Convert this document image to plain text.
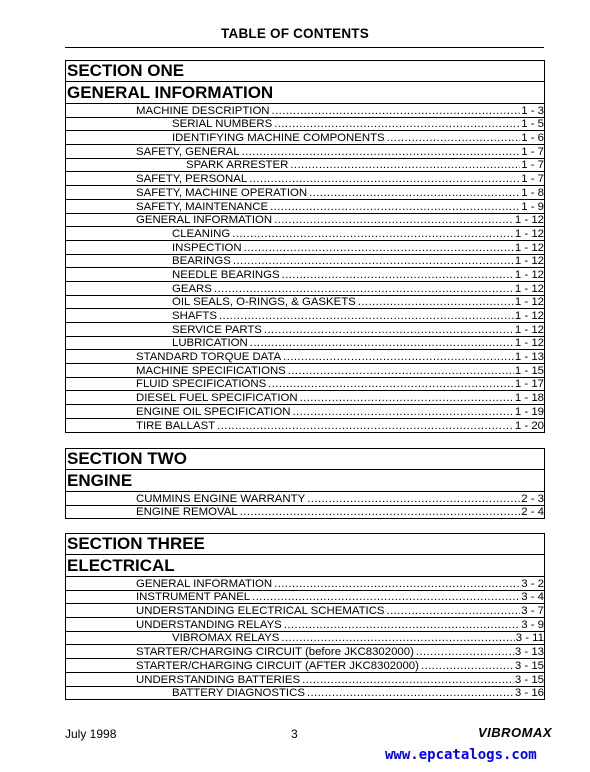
TABLE OF CONTENTS
SECTION ONE
GENERAL INFORMATION
MACHINE DESCRIPTION .....	1 - 3
SERIAL NUMBERS .....	1 - 5
IDENTIFYING MACHINE COMPONENTS .....	1 - 6
SAFETY, GENERAL .....	1 - 7
SPARK ARRESTER .....	1 - 7
SAFETY, PERSONAL .....	1 - 7
SAFETY, MACHINE OPERATION .....	1 - 8
SAFETY, MAINTENANCE .....	1 - 9
GENERAL INFORMATION .....	1 - 12
CLEANING .....	1 - 12
INSPECTION .....	1 - 12
BEARINGS .....	1 - 12
NEEDLE BEARINGS .....	1 - 12
GEARS .....	1 - 12
OIL SEALS, O-RINGS, & GASKETS .....	1 - 12
SHAFTS .....	1 - 12
SERVICE PARTS .....	1 - 12
LUBRICATION .....	1 - 12
STANDARD TORQUE DATA .....	1 - 13
MACHINE SPECIFICATIONS .....	1 - 15
FLUID SPECIFICATIONS .....	1 - 17
DIESEL FUEL SPECIFICATION .....	1 - 18
ENGINE OIL SPECIFICATION .....	1 - 19
TIRE BALLAST .....	1 - 20
SECTION TWO
ENGINE
CUMMINS ENGINE WARRANTY .....	2 - 3
ENGINE REMOVAL .....	2 - 4
SECTION THREE
ELECTRICAL
GENERAL INFORMATION .....	3 - 2
INSTRUMENT PANEL .....	3 - 4
UNDERSTANDING ELECTRICAL SCHEMATICS .....	3 - 7
UNDERSTANDING RELAYS .....	3 - 9
VIBROMAX RELAYS .....	3 - 11
STARTER/CHARGING CIRCUIT (before JKC8302000) .....	3 - 13
STARTER/CHARGING CIRCUIT (AFTER JKC8302000) .....	3 - 15
UNDERSTANDING BATTERIES .....	3 - 15
BATTERY DIAGNOSTICS .....	3 - 16
July 1998	3	VIBROMAX
www.epcatalogs.com
